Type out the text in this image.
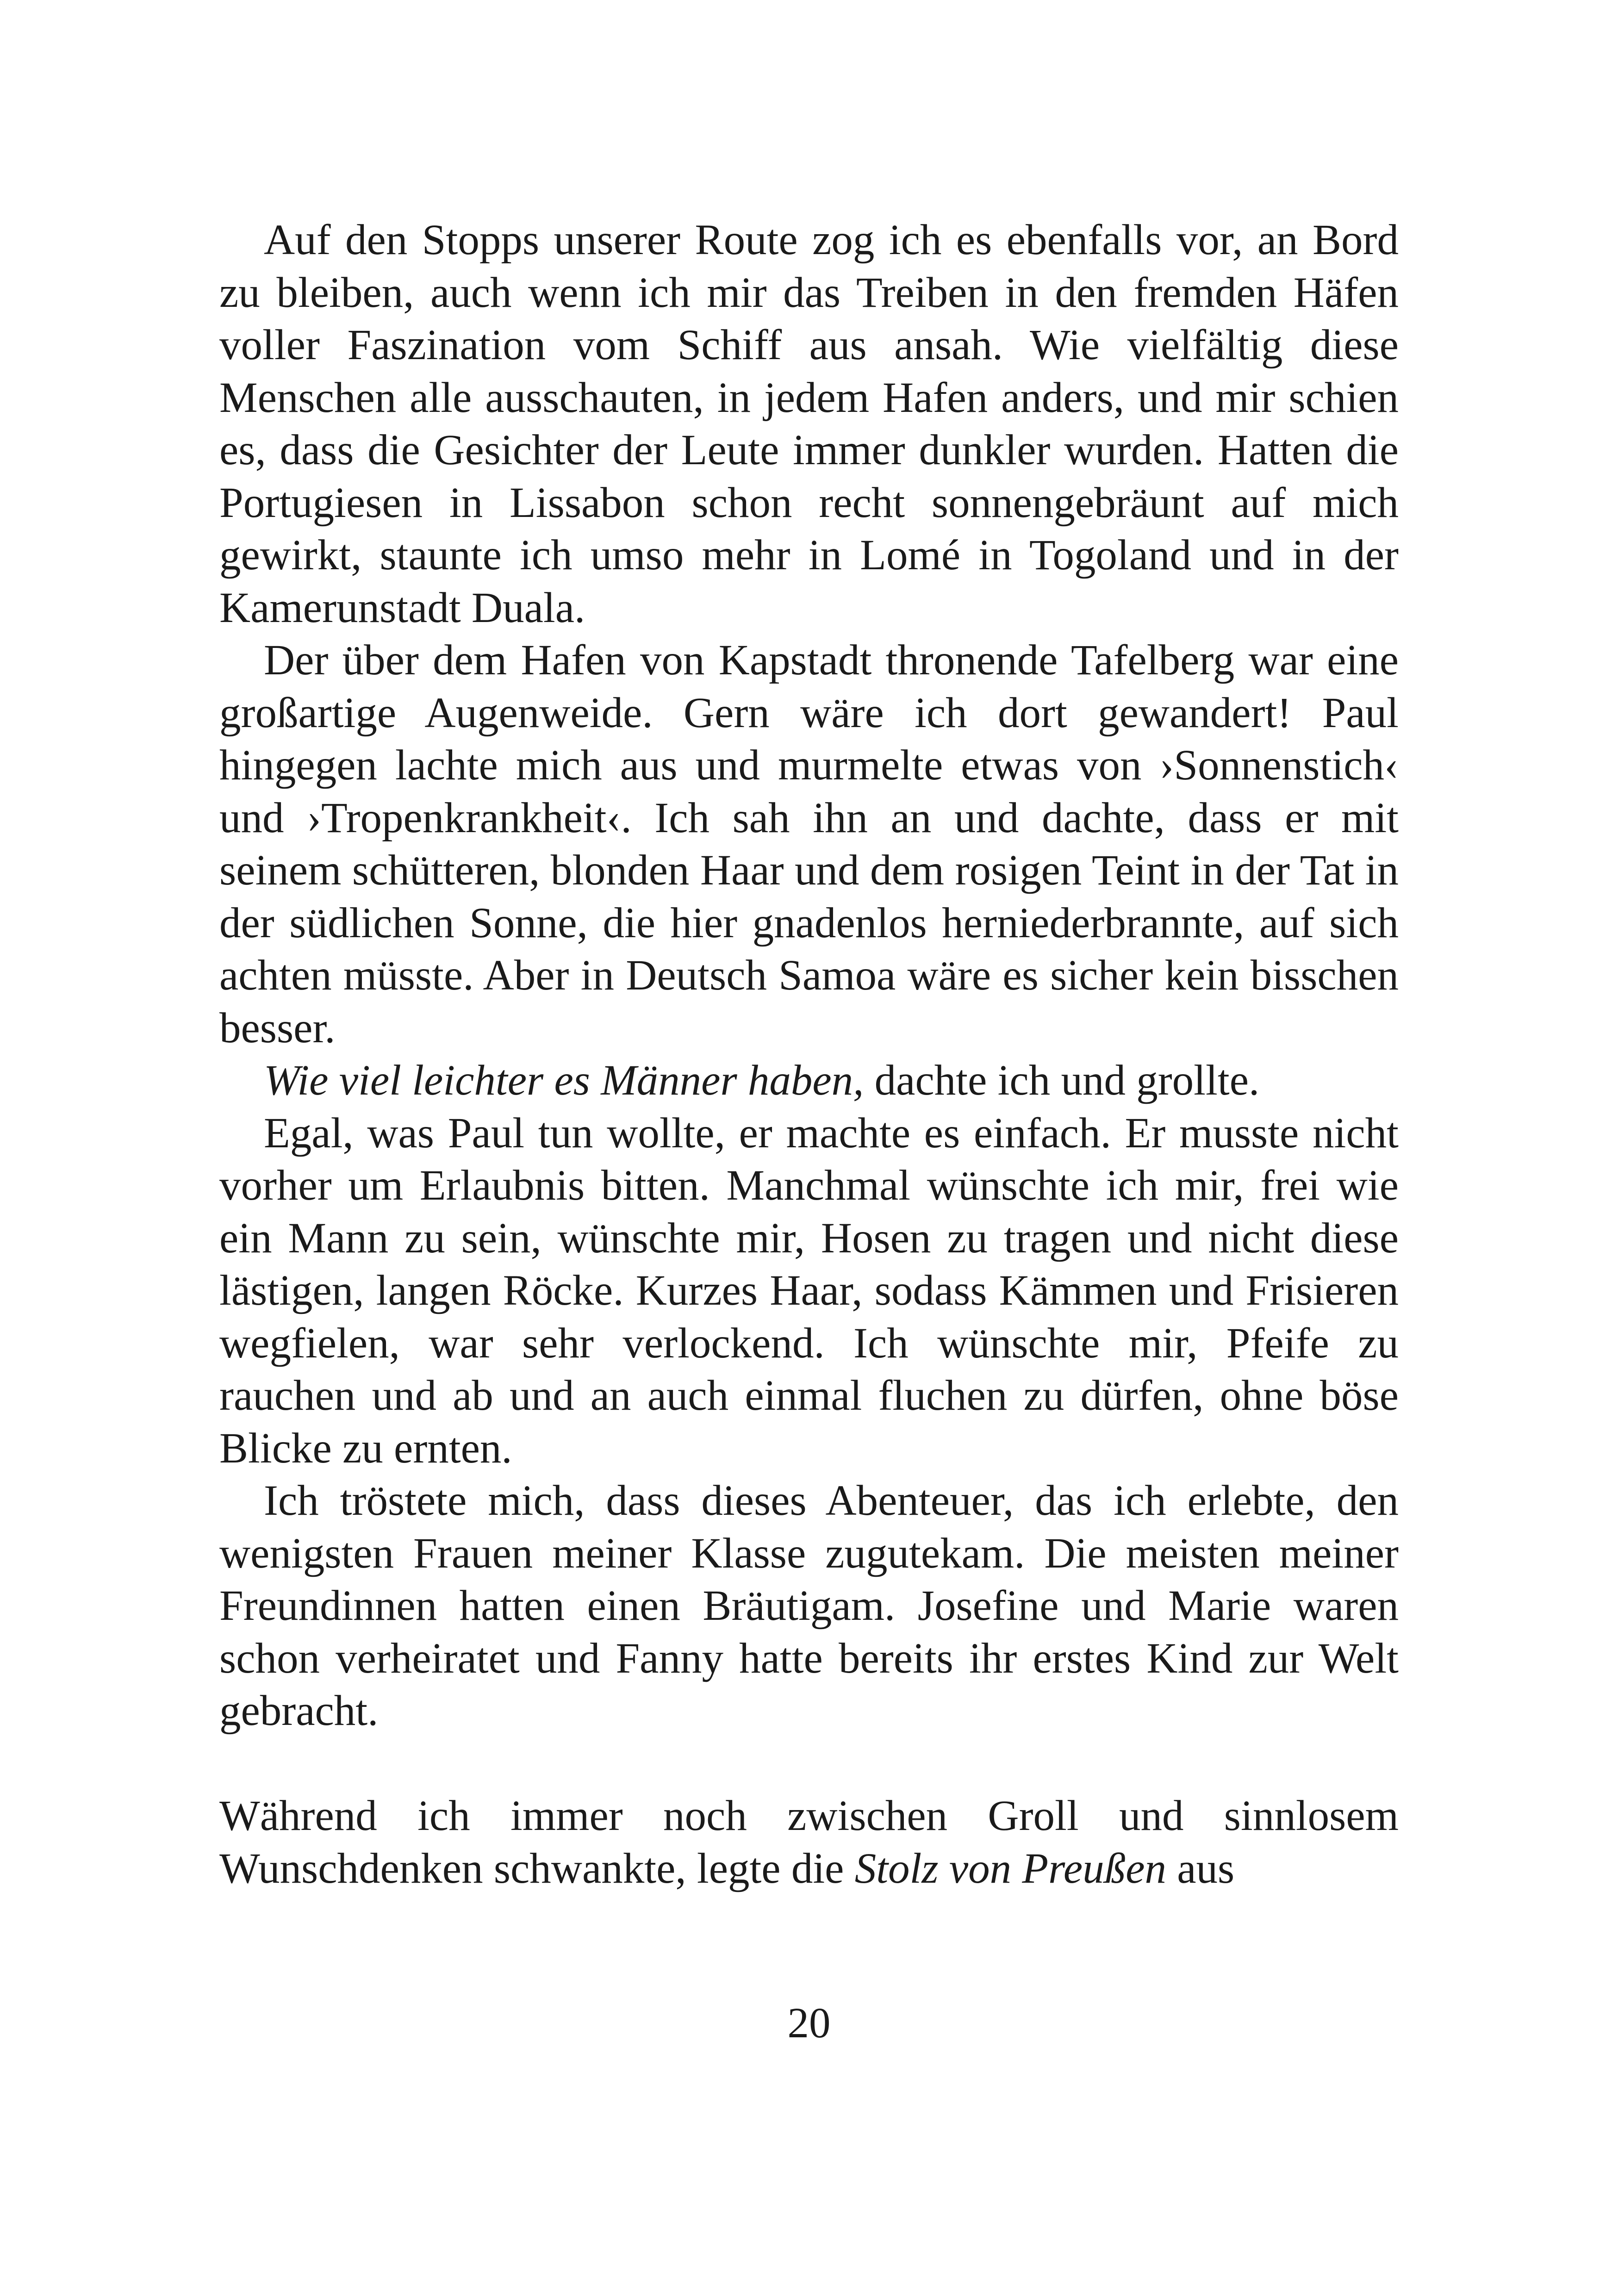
Auf den Stopps unserer Route zog ich es ebenfalls vor, an Bord zu bleiben, auch wenn ich mir das Treiben in den fremden Häfen voller Faszination vom Schiff aus ansah. Wie vielfältig diese Menschen alle ausschauten, in jedem Hafen anders, und mir schien es, dass die Gesichter der Leute immer dunkler wurden. Hatten die Portugiesen in Lissabon schon recht sonnengebräunt auf mich gewirkt, staunte ich umso mehr in Lomé in Togoland und in der Kamerunstadt Duala.

Der über dem Hafen von Kapstadt thronende Tafelberg war eine großartige Augenweide. Gern wäre ich dort gewandert! Paul hingegen lachte mich aus und murmelte etwas von ›Sonnenstich‹ und ›Tropenkrankheit‹. Ich sah ihn an und dachte, dass er mit seinem schütteren, blonden Haar und dem rosigen Teint in der Tat in der südlichen Sonne, die hier gnadenlos herniederbrannte, auf sich achten müsste. Aber in Deutsch Samoa wäre es sicher kein bisschen besser.

Wie viel leichter es Männer haben, dachte ich und grollte.

Egal, was Paul tun wollte, er machte es einfach. Er musste nicht vorher um Erlaubnis bitten. Manchmal wünschte ich mir, frei wie ein Mann zu sein, wünschte mir, Hosen zu tragen und nicht diese lästigen, langen Röcke. Kurzes Haar, sodass Kämmen und Frisieren wegfielen, war sehr verlockend. Ich wünschte mir, Pfeife zu rauchen und ab und an auch einmal fluchen zu dürfen, ohne böse Blicke zu ernten.

Ich tröstete mich, dass dieses Abenteuer, das ich erlebte, den wenigsten Frauen meiner Klasse zugutekam. Die meisten meiner Freundinnen hatten einen Bräutigam. Josefine und Marie waren schon verheiratet und Fanny hatte bereits ihr erstes Kind zur Welt gebracht.

Während ich immer noch zwischen Groll und sinnlosem Wunschdenken schwankte, legte die Stolz von Preußen aus

20
